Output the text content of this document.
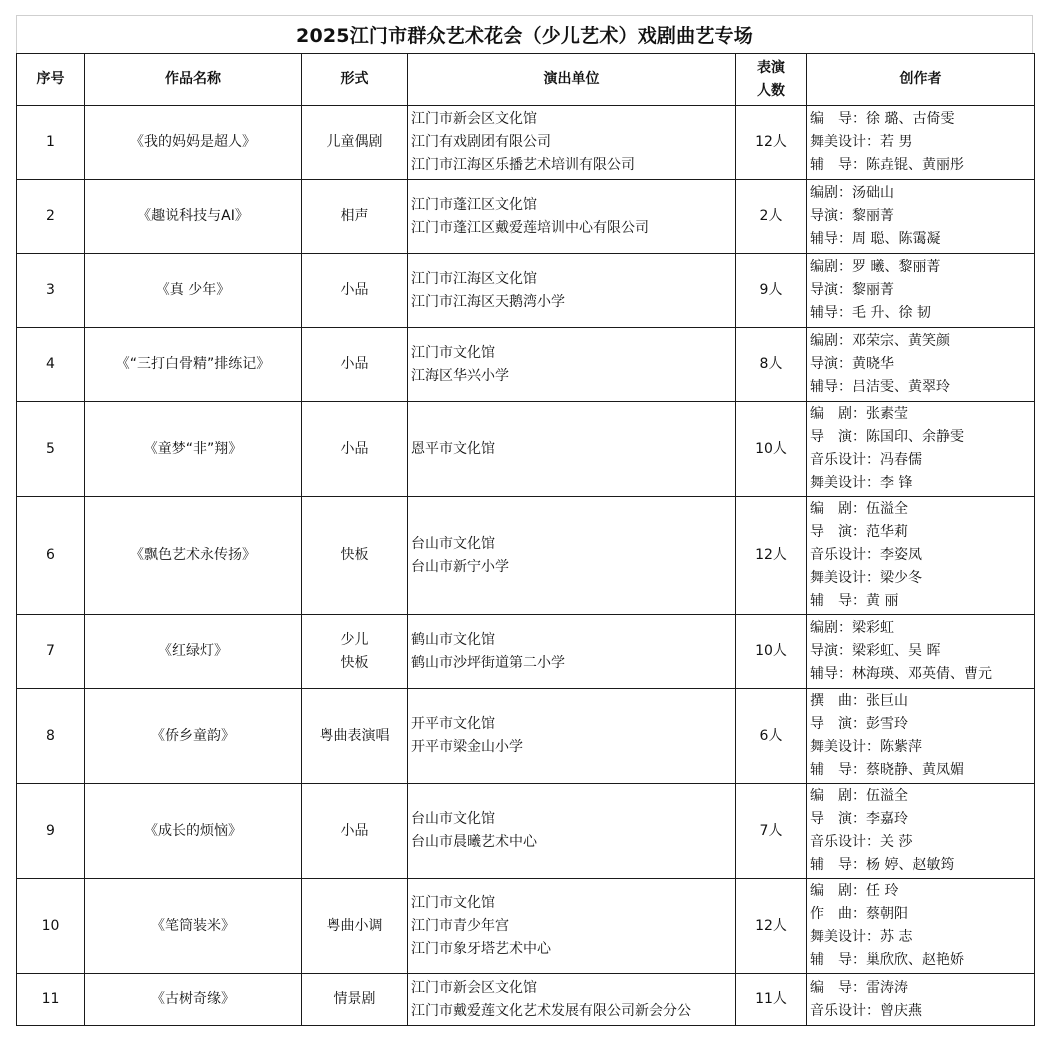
2025江门市群众艺术花会（少儿艺术）戏剧曲艺专场
序号	作品名称	形式	演出单位	表演
人数	创作者
1	《我的妈妈是超人》	儿童偶剧	江门市新会区文化馆
江门有戏剧团有限公司
江门市江海区乐播艺术培训有限公司	12人	编　导：徐 璐、古倚雯
舞美设计：若 男
辅　导：陈垚锟、黄丽彤

2	《趣说科技与AI》	相声	江门市蓬江区文化馆
江门市蓬江区戴爱莲培训中心有限公司	2人	编剧：汤础山
导演：黎丽菁
辅导：周 聪、陈霭凝

3	《真 少年》	小品	江门市江海区文化馆
江门市江海区天鹅湾小学	9人	编剧：罗 曦、黎丽菁
导演：黎丽菁
辅导：毛 升、徐 韧

4	《“三打白骨精”排练记》	小品	江门市文化馆
江海区华兴小学	8人	编剧：邓荣宗、黄笑颜
导演：黄晓华
辅导：吕洁雯、黄翠玲

5	《童梦“非”翔》	小品	恩平市文化馆	10人	编　剧：张素莹
导　演：陈国印、余静雯
音乐设计：冯春儒
舞美设计：李 锋

6	《飘色艺术永传扬》	快板	台山市文化馆
台山市新宁小学	12人	编　剧：伍溢全
导　演：范华莉
音乐设计：李姿凤
舞美设计：梁少冬
辅　导：黄 丽

7	《红绿灯》	少儿
快板	鹤山市文化馆
鹤山市沙坪街道第二小学	10人	编剧：梁彩虹
导演：梁彩虹、吴 晖
辅导：林海瑛、邓英倩、曹元

8	《侨乡童韵》	粤曲表演唱	开平市文化馆
开平市梁金山小学	6人	撰　曲：张巨山
导　演：彭雪玲
舞美设计：陈紫萍
辅　导：蔡晓静、黄凤媚

9	《成长的烦恼》	小品	台山市文化馆
台山市晨曦艺术中心	7人	编　剧：伍溢全
导　演：李嘉玲
音乐设计：关 莎
辅　导：杨 婷、赵敏筠

10	《笔筒装米》	粤曲小调	江门市文化馆
江门市青少年宫
江门市象牙塔艺术中心	12人	编　剧：任 玲
作　曲：蔡朝阳
舞美设计：苏 志
辅　导：巢欣欣、赵艳娇

11	《古树奇缘》	情景剧	江门市新会区文化馆
江门市戴爱莲文化艺术发展有限公司新会分公	11人	编　导：雷涛涛
音乐设计：曾庆燕
